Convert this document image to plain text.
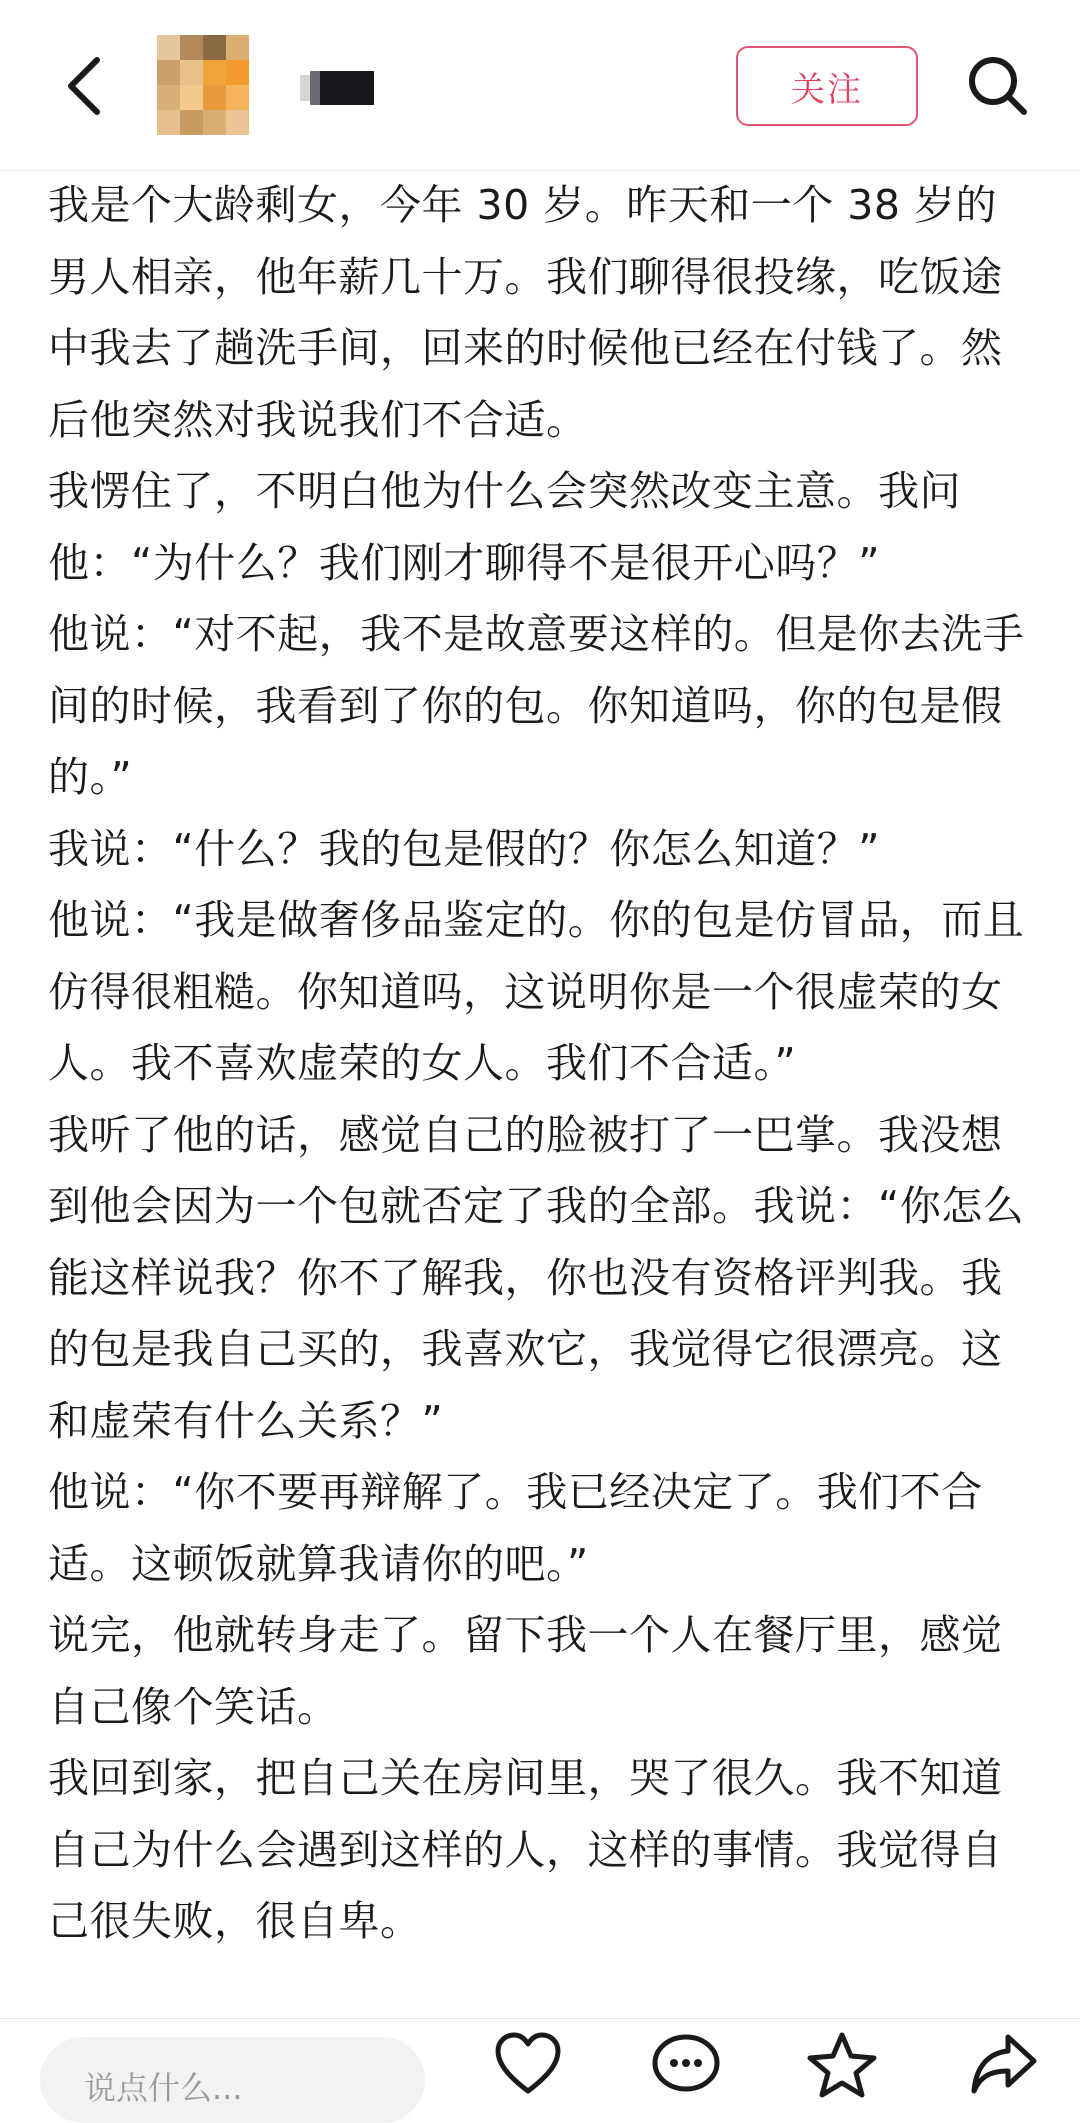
关注

我是个大龄剩女，今年 30 岁。昨天和一个 38 岁的男人相亲，他年薪几十万。我们聊得很投缘，吃饭途中我去了趟洗手间，回来的时候他已经在付钱了。然后他突然对我说我们不合适。

我愣住了，不明白他为什么会突然改变主意。我问他：“为什么？我们刚才聊得不是很开心吗？”

他说：“对不起，我不是故意要这样的。但是你去洗手间的时候，我看到了你的包。你知道吗，你的包是假的。”

我说：“什么？我的包是假的？你怎么知道？”

他说：“我是做奢侈品鉴定的。你的包是仿冒品，而且仿得很粗糙。你知道吗，这说明你是一个很虚荣的女人。我不喜欢虚荣的女人。我们不合适。”

我听了他的话，感觉自己的脸被打了一巴掌。我没想到他会因为一个包就否定了我的全部。我说：“你怎么能这样说我？你不了解我，你也没有资格评判我。我的包是我自己买的，我喜欢它，我觉得它很漂亮。这和虚荣有什么关系？”

他说：“你不要再辩解了。我已经决定了。我们不合适。这顿饭就算我请你的吧。”

说完，他就转身走了。留下我一个人在餐厅里，感觉自己像个笑话。

我回到家，把自己关在房间里，哭了很久。我不知道自己为什么会遇到这样的人，这样的事情。我觉得自己很失败，很自卑。

说点什么...
